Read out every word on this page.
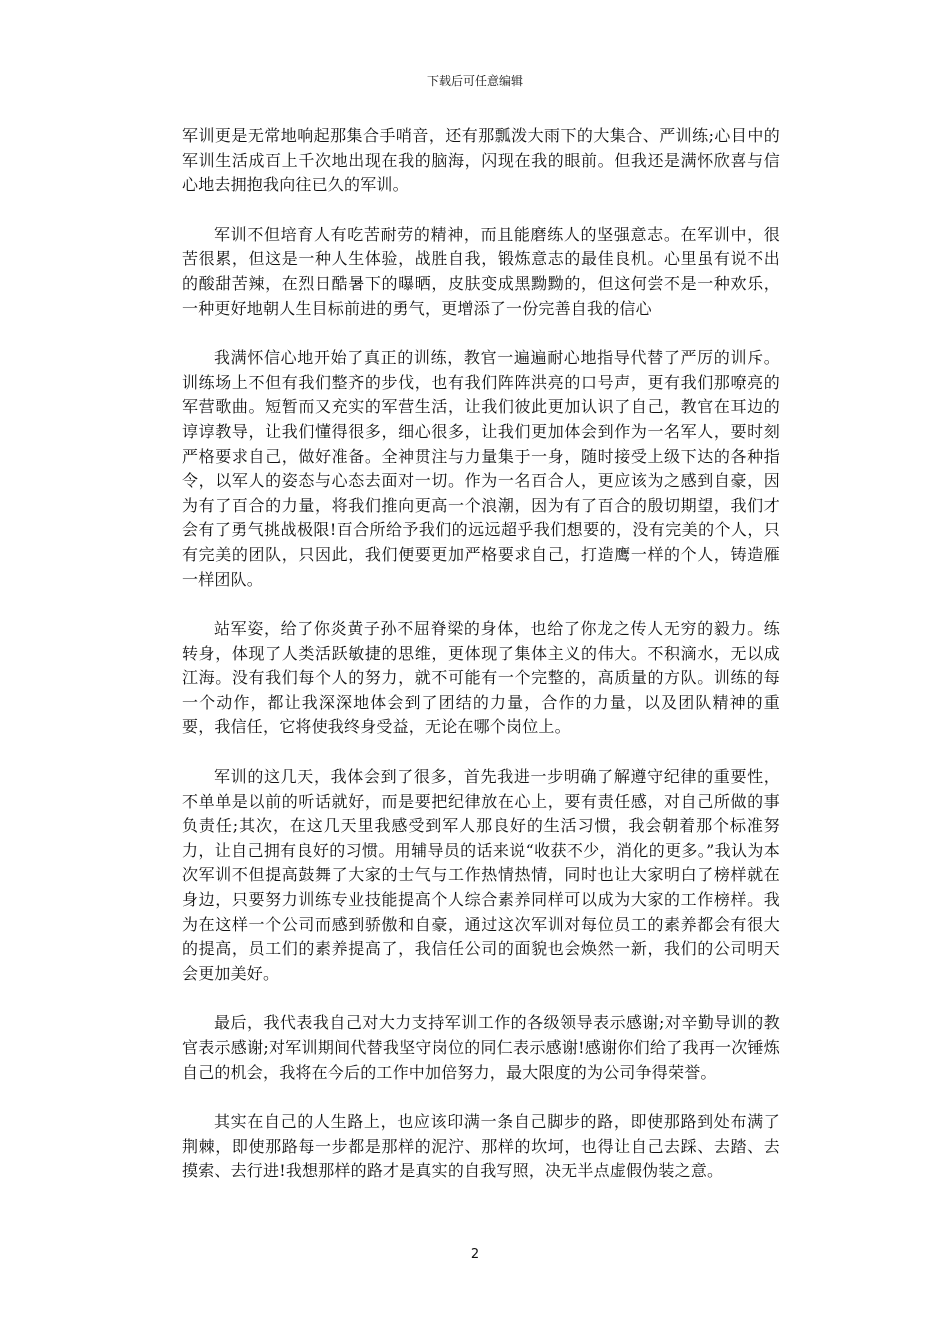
下载后可任意编辑

军训更是无常地响起那集合手哨音，还有那瓢泼大雨下的大集合、严训练;心目中的军训生活成百上千次地出现在我的脑海，闪现在我的眼前。但我还是满怀欣喜与信心地去拥抱我向往已久的军训。

军训不但培育人有吃苦耐劳的精神，而且能磨练人的坚强意志。在军训中，很苦很累，但这是一种人生体验，战胜自我，锻炼意志的最佳良机。心里虽有说不出的酸甜苦辣，在烈日酷暑下的曝晒，皮肤变成黑黝黝的，但这何尝不是一种欢乐，一种更好地朝人生目标前进的勇气，更增添了一份完善自我的信心

我满怀信心地开始了真正的训练，教官一遍遍耐心地指导代替了严厉的训斥。训练场上不但有我们整齐的步伐，也有我们阵阵洪亮的口号声，更有我们那嘹亮的军营歌曲。短暂而又充实的军营生活，让我们彼此更加认识了自己，教官在耳边的谆谆教导，让我们懂得很多，细心很多，让我们更加体会到作为一名军人，要时刻严格要求自己，做好准备。全神贯注与力量集于一身，随时接受上级下达的各种指令，以军人的姿态与心态去面对一切。作为一名百合人，更应该为之感到自豪，因为有了百合的力量，将我们推向更高一个浪潮，因为有了百合的殷切期望，我们才会有了勇气挑战极限!百合所给予我们的远远超乎我们想要的，没有完美的个人，只有完美的团队，只因此，我们便要更加严格要求自己，打造鹰一样的个人，铸造雁一样团队。

站军姿，给了你炎黄子孙不屈脊梁的身体，也给了你龙之传人无穷的毅力。练转身，体现了人类活跃敏捷的思维，更体现了集体主义的伟大。不积滴水，无以成江海。没有我们每个人的努力，就不可能有一个完整的，高质量的方队。训练的每一个动作，都让我深深地体会到了团结的力量，合作的力量，以及团队精神的重要，我信任，它将使我终身受益，无论在哪个岗位上。

军训的这几天，我体会到了很多，首先我进一步明确了解遵守纪律的重要性，不单单是以前的听话就好，而是要把纪律放在心上，要有责任感，对自己所做的事负责任;其次，在这几天里我感受到军人那良好的生活习惯，我会朝着那个标准努力，让自己拥有良好的习惯。用辅导员的话来说“收获不少，消化的更多。”我认为本次军训不但提高鼓舞了大家的士气与工作热情热情，同时也让大家明白了榜样就在身边，只要努力训练专业技能提高个人综合素养同样可以成为大家的工作榜样。我为在这样一个公司而感到骄傲和自豪，通过这次军训对每位员工的素养都会有很大的提高，员工们的素养提高了，我信任公司的面貌也会焕然一新，我们的公司明天会更加美好。

最后，我代表我自己对大力支持军训工作的各级领导表示感谢;对辛勤导训的教官表示感谢;对军训期间代替我坚守岗位的同仁表示感谢!感谢你们给了我再一次锤炼自己的机会，我将在今后的工作中加倍努力，最大限度的为公司争得荣誉。

其实在自己的人生路上，也应该印满一条自己脚步的路，即使那路到处布满了荆棘，即使那路每一步都是那样的泥泞、那样的坎坷，也得让自己去踩、去踏、去摸索、去行进!我想那样的路才是真实的自我写照，决无半点虚假伪装之意。

2
